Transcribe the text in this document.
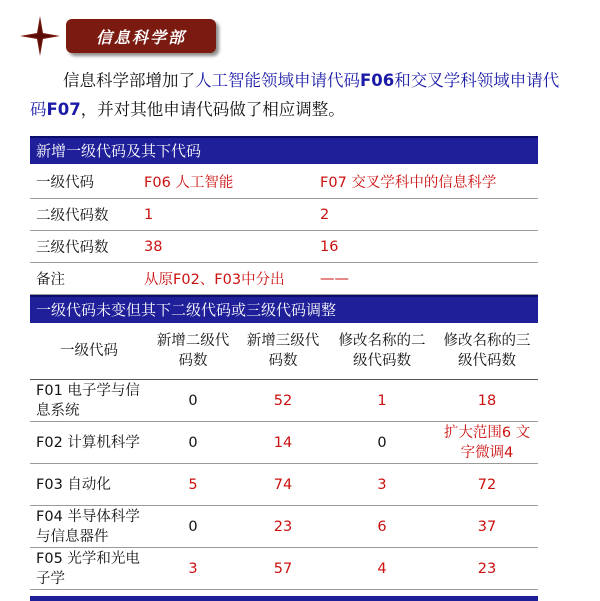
信息科学部
信息科学部增加了人工智能领域申请代码F06和交叉学科领域申请代码F07，并对其他申请代码做了相应调整。
新增一级代码及其下代码
一级代码	F06 人工智能	F07 交叉学科中的信息科学
二级代码数	1	2
三级代码数	38	16
备注	从原F02、F03中分出	——
一级代码未变但其下二级代码或三级代码调整
一级代码	新增二级代码数	新增三级代码数	修改名称的二级代码数	修改名称的三级代码数
F01 电子学与信息系统	0	52	1	18
F02 计算机科学	0	14	0	扩大范围6 文字微调4
F03 自动化	5	74	3	72
F04 半导体科学与信息器件	0	23	6	37
F05 光学和光电子学	3	57	4	23
